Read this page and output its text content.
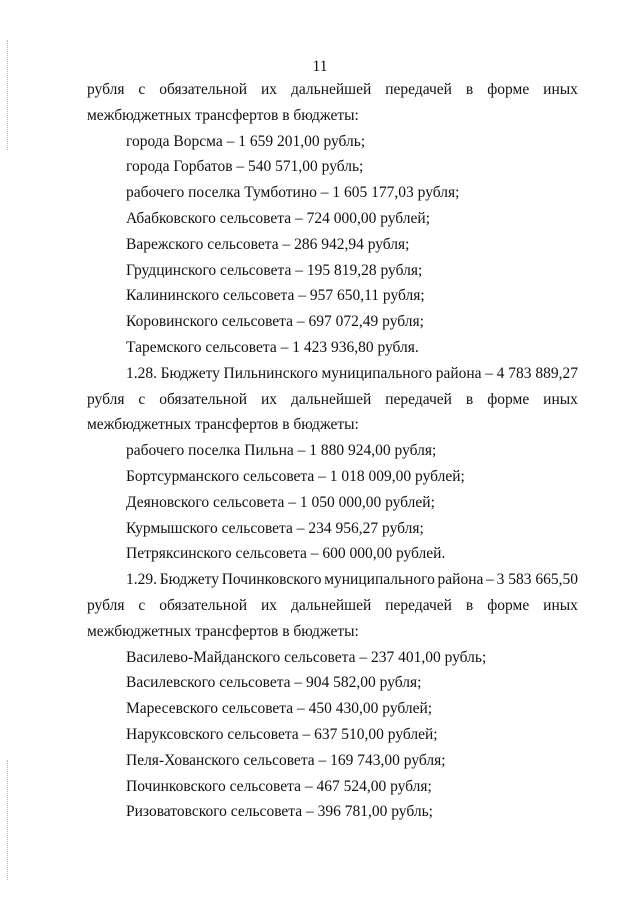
11
рубля с обязательной их дальнейшей передачей в форме иных
межбюджетных трансфертов в бюджеты:
города Ворсма – 1 659 201,00 рубль;
города Горбатов – 540 571,00 рубль;
рабочего поселка Тумботино – 1 605 177,03 рубля;
Абабковского сельсовета – 724 000,00 рублей;
Варежского сельсовета – 286 942,94 рубля;
Грудцинского сельсовета – 195 819,28 рубля;
Калининского сельсовета – 957 650,11 рубля;
Коровинского сельсовета – 697 072,49 рубля;
Таремского сельсовета – 1 423 936,80 рубля.
1.28. Бюджету Пильнинского муниципального района – 4 783 889,27
рубля с обязательной их дальнейшей передачей в форме иных
межбюджетных трансфертов в бюджеты:
рабочего поселка Пильна – 1 880 924,00 рубля;
Бортсурманского сельсовета – 1 018 009,00 рублей;
Деяновского сельсовета – 1 050 000,00 рублей;
Курмышского сельсовета – 234 956,27 рубля;
Петряксинского сельсовета – 600 000,00 рублей.
1.29. Бюджету Починковского муниципального района – 3 583 665,50
рубля с обязательной их дальнейшей передачей в форме иных
межбюджетных трансфертов в бюджеты:
Василево-Майданского сельсовета – 237 401,00 рубль;
Василевского сельсовета – 904 582,00 рубля;
Маресевского сельсовета – 450 430,00 рублей;
Наруксовского сельсовета – 637 510,00 рублей;
Пеля-Хованского сельсовета – 169 743,00 рубля;
Починковского сельсовета – 467 524,00 рубля;
Ризоватовского сельсовета – 396 781,00 рубль;
